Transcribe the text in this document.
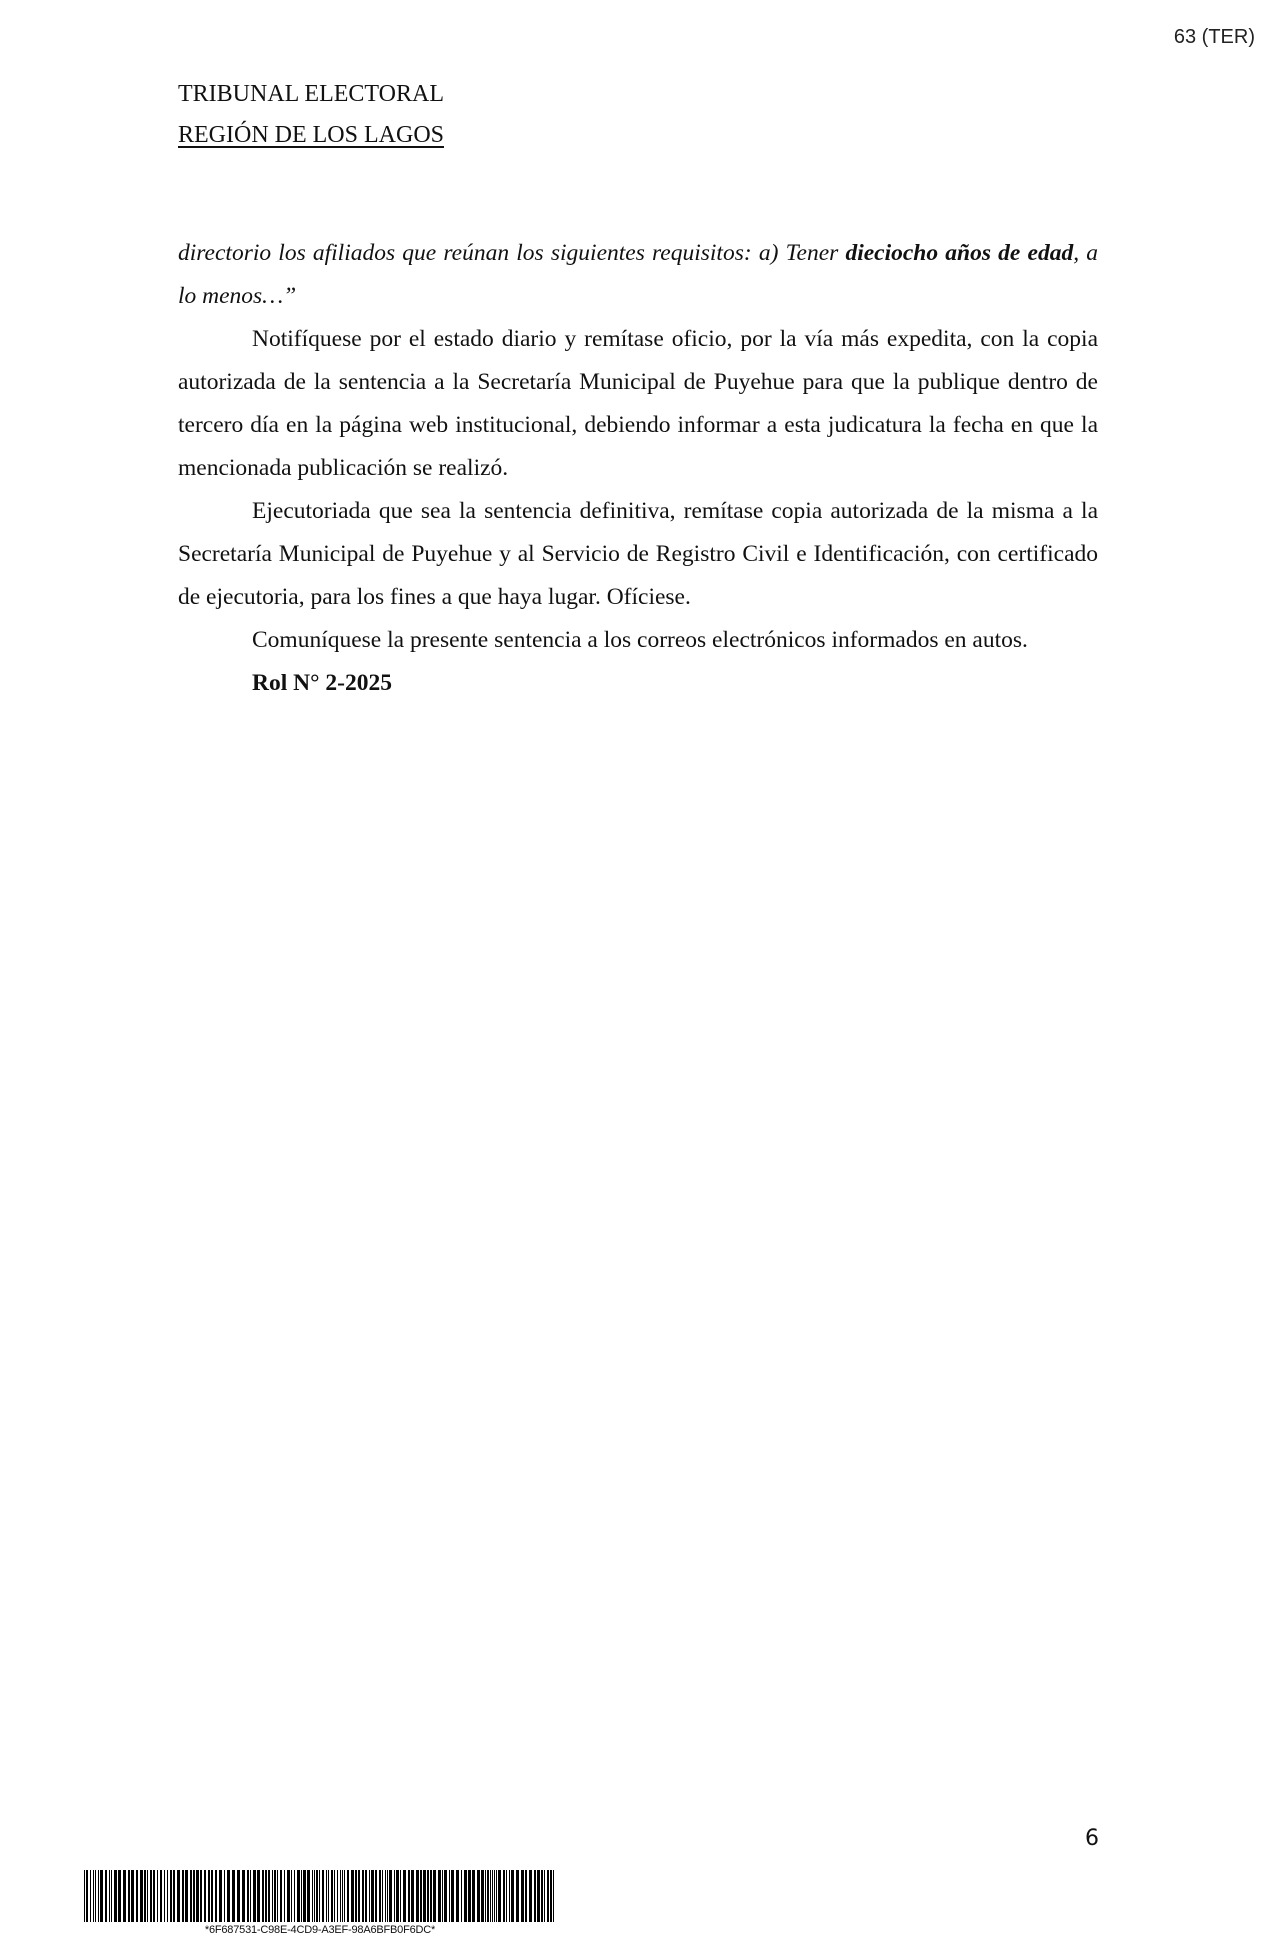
63 (TER)
TRIBUNAL ELECTORAL
REGIÓN DE LOS LAGOS

directorio los afiliados que reúnan los siguientes requisitos: a) Tener dieciocho años de edad, a lo menos…”

Notifíquese por el estado diario y remítase oficio, por la vía más expedita, con la copia autorizada de la sentencia a la Secretaría Municipal de Puyehue para que la publique dentro de tercero día en la página web institucional, debiendo informar a esta judicatura la fecha en que la mencionada publicación se realizó.

Ejecutoriada que sea la sentencia definitiva, remítase copia autorizada de la misma a la Secretaría Municipal de Puyehue y al Servicio de Registro Civil e Identificación, con certificado de ejecutoria, para los fines a que haya lugar. Ofíciese.

Comuníquese la presente sentencia a los correos electrónicos informados en autos.

Rol N° 2-2025

6
*6F687531-C98E-4CD9-A3EF-98A6BFB0F6DC*
